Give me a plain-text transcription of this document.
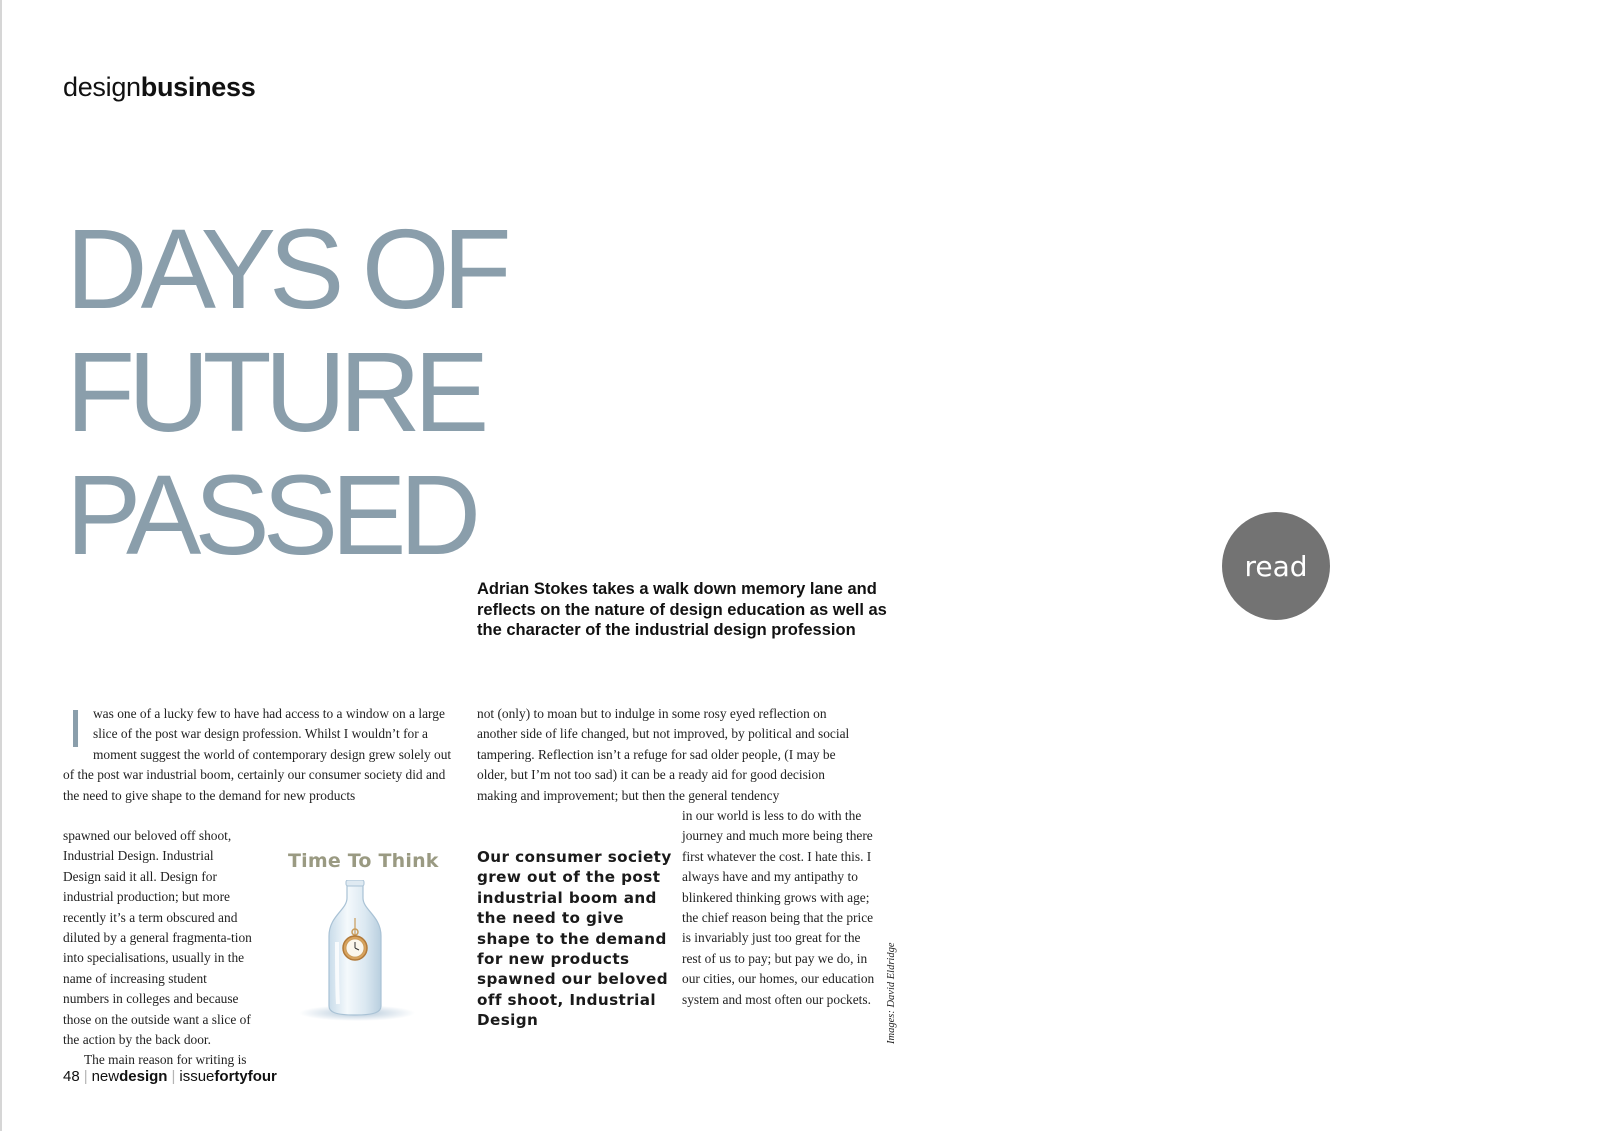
designbusiness
DAYS OF
FUTURE
PASSED
Adrian Stokes takes a walk down memory lane and reflects on the nature of design education as well as the character of the industrial design profession
I was one of a lucky few to have had access to a window on a large slice of the post war design profession. Whilst I wouldn’t for a moment suggest the world of contemporary design grew solely out of the post war industrial boom, certainly our consumer society did and the need to give shape to the demand for new products
spawned our beloved off shoot, Industrial Design. Industrial Design said it all. Design for industrial production; but more recently it’s a term obscured and diluted by a general fragmenta-tion into specialisations, usually in the name of increasing student numbers in colleges and because those on the outside want a slice of the action by the back door.
The main reason for writing is
Time To Think
not (only) to moan but to indulge in some rosy eyed reflection on another side of life changed, but not improved, by political and social tampering. Reflection isn’t a refuge for sad older people, (I may be older, but I’m not too sad) it can be a ready aid for good decision making and improvement; but then the general tendency
Our consumer society grew out of the post industrial boom and the need to give shape to the demand for new products spawned our beloved off shoot, Industrial Design
in our world is less to do with the journey and much more being there first whatever the cost. I hate this. I always have and my antipathy to blinkered thinking grows with age; the chief reason being that the price is invariably just too great for the rest of us to pay; but pay we do, in our cities, our homes, our education system and most often our pockets.	Images: David Eldridge
read
48 | newdesign | issuefortyfour
